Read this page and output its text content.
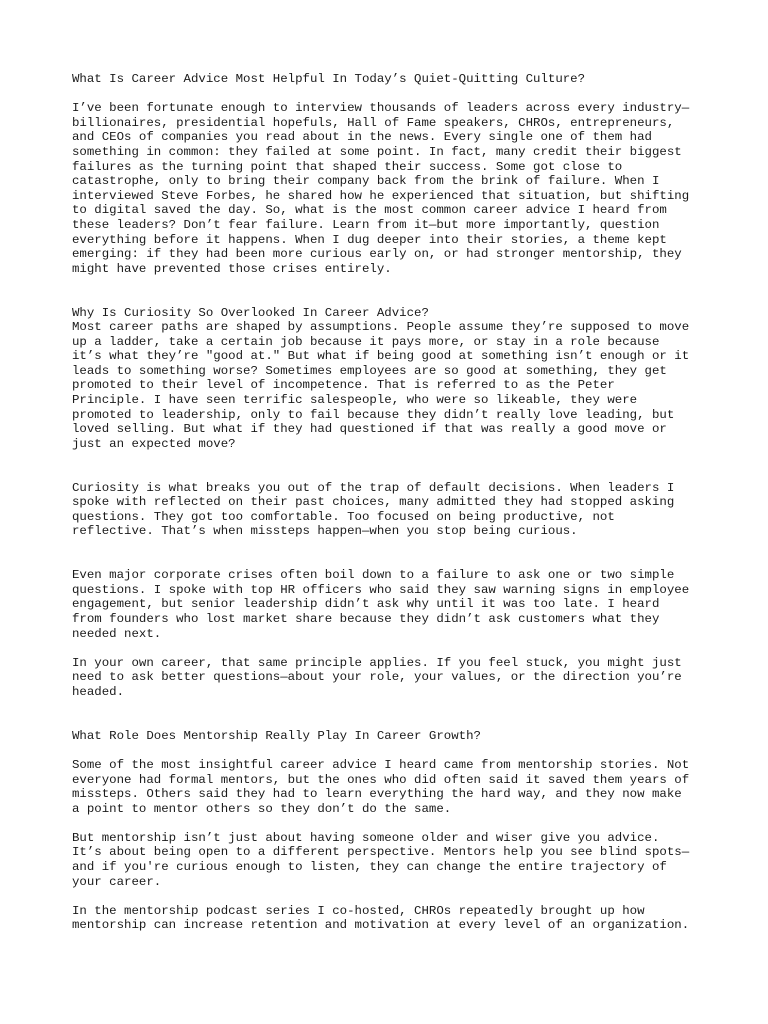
What Is Career Advice Most Helpful In Today’s Quiet-Quitting Culture?

I’ve been fortunate enough to interview thousands of leaders across every industry—
billionaires, presidential hopefuls, Hall of Fame speakers, CHROs, entrepreneurs,
and CEOs of companies you read about in the news. Every single one of them had
something in common: they failed at some point. In fact, many credit their biggest
failures as the turning point that shaped their success. Some got close to
catastrophe, only to bring their company back from the brink of failure. When I
interviewed Steve Forbes, he shared how he experienced that situation, but shifting
to digital saved the day. So, what is the most common career advice I heard from
these leaders? Don’t fear failure. Learn from it—but more importantly, question
everything before it happens. When I dug deeper into their stories, a theme kept
emerging: if they had been more curious early on, or had stronger mentorship, they
might have prevented those crises entirely.

Why Is Curiosity So Overlooked In Career Advice?

Most career paths are shaped by assumptions. People assume they’re supposed to move
up a ladder, take a certain job because it pays more, or stay in a role because
it’s what they’re "good at." But what if being good at something isn’t enough or it
leads to something worse? Sometimes employees are so good at something, they get
promoted to their level of incompetence. That is referred to as the Peter
Principle. I have seen terrific salespeople, who were so likeable, they were
promoted to leadership, only to fail because they didn’t really love leading, but
loved selling. But what if they had questioned if that was really a good move or
just an expected move?

Curiosity is what breaks you out of the trap of default decisions. When leaders I
spoke with reflected on their past choices, many admitted they had stopped asking
questions. They got too comfortable. Too focused on being productive, not
reflective. That’s when missteps happen—when you stop being curious.

Even major corporate crises often boil down to a failure to ask one or two simple
questions. I spoke with top HR officers who said they saw warning signs in employee
engagement, but senior leadership didn’t ask why until it was too late. I heard
from founders who lost market share because they didn’t ask customers what they
needed next.

In your own career, that same principle applies. If you feel stuck, you might just
need to ask better questions—about your role, your values, or the direction you’re
headed.

What Role Does Mentorship Really Play In Career Growth?

Some of the most insightful career advice I heard came from mentorship stories. Not
everyone had formal mentors, but the ones who did often said it saved them years of
missteps. Others said they had to learn everything the hard way, and they now make
a point to mentor others so they don’t do the same.

But mentorship isn’t just about having someone older and wiser give you advice.
It’s about being open to a different perspective. Mentors help you see blind spots—
and if you're curious enough to listen, they can change the entire trajectory of
your career.

In the mentorship podcast series I co-hosted, CHROs repeatedly brought up how
mentorship can increase retention and motivation at every level of an organization.
